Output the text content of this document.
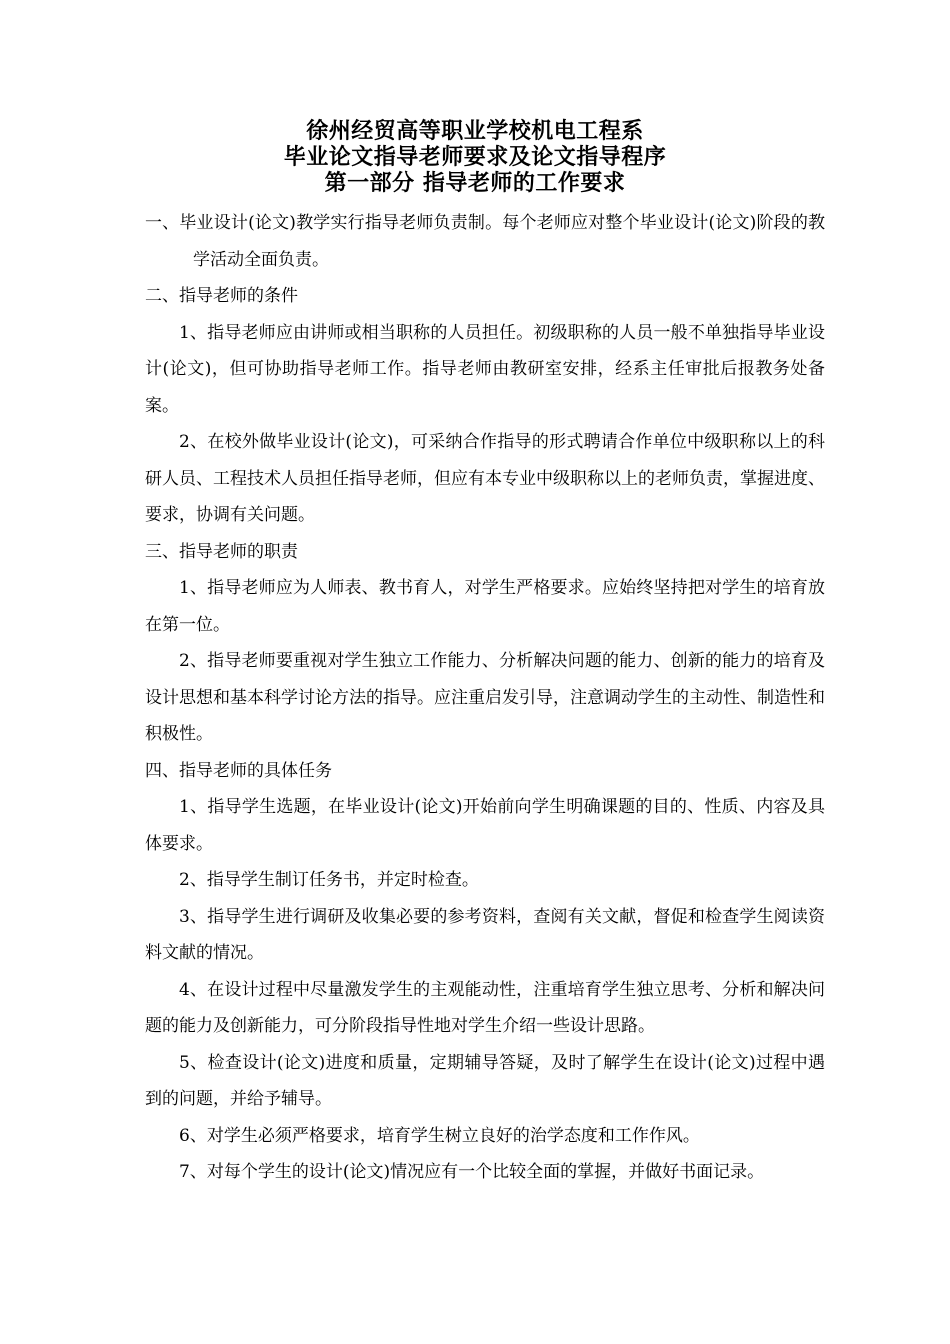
徐州经贸高等职业学校机电工程系
毕业论文指导老师要求及论文指导程序
第一部分 指导老师的工作要求

一、毕业设计(论文)教学实行指导老师负责制。每个老师应对整个毕业设计(论文)阶段的教学活动全面负责。

二、指导老师的条件

1、指导老师应由讲师或相当职称的人员担任。初级职称的人员一般不单独指导毕业设计(论文)，但可协助指导老师工作。指导老师由教研室安排，经系主任审批后报教务处备案。

2、在校外做毕业设计(论文)，可采纳合作指导的形式聘请合作单位中级职称以上的科研人员、工程技术人员担任指导老师，但应有本专业中级职称以上的老师负责，掌握进度、要求，协调有关问题。

三、指导老师的职责

1、指导老师应为人师表、教书育人，对学生严格要求。应始终坚持把对学生的培育放在第一位。

2、指导老师要重视对学生独立工作能力、分析解决问题的能力、创新的能力的培育及设计思想和基本科学讨论方法的指导。应注重启发引导，注意调动学生的主动性、制造性和积极性。

四、指导老师的具体任务

1、指导学生选题，在毕业设计(论文)开始前向学生明确课题的目的、性质、内容及具体要求。

2、指导学生制订任务书，并定时检查。

3、指导学生进行调研及收集必要的参考资料，查阅有关文献，督促和检查学生阅读资料文献的情况。

4、在设计过程中尽量激发学生的主观能动性，注重培育学生独立思考、分析和解决问题的能力及创新能力，可分阶段指导性地对学生介绍一些设计思路。

5、检查设计(论文)进度和质量，定期辅导答疑，及时了解学生在设计(论文)过程中遇到的问题，并给予辅导。

6、对学生必须严格要求，培育学生树立良好的治学态度和工作作风。

7、对每个学生的设计(论文)情况应有一个比较全面的掌握，并做好书面记录。
